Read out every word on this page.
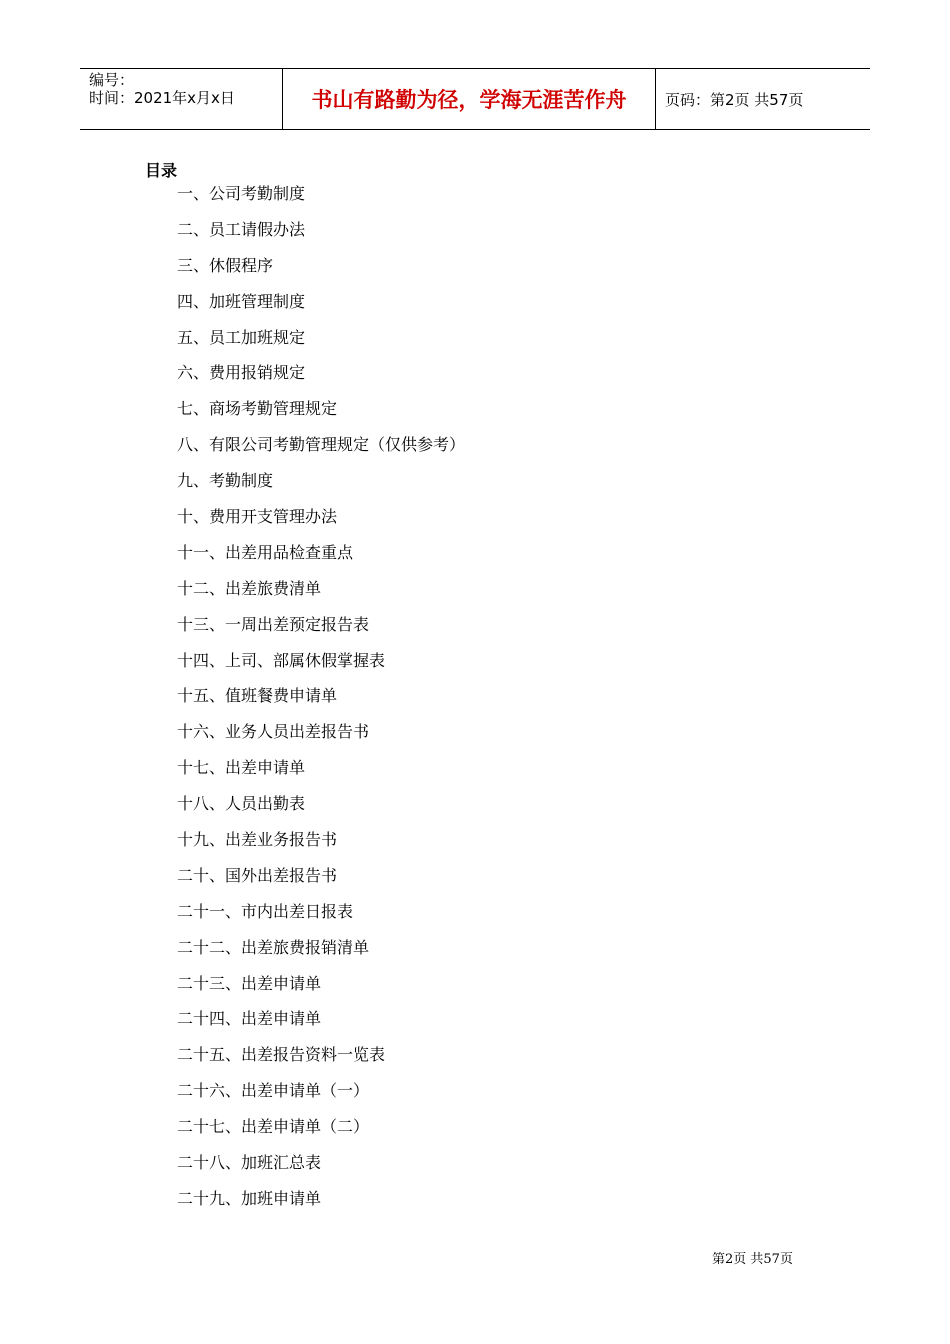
编号：
时间：2021年x月x日	书山有路勤为径，学海无涯苦作舟	页码：第2页 共57页
目录
一、公司考勤制度
二、员工请假办法
三、休假程序
四、加班管理制度
五、员工加班规定
六、费用报销规定
七、商场考勤管理规定
八、有限公司考勤管理规定（仅供参考）
九、考勤制度
十、费用开支管理办法
十一、出差用品检查重点
十二、出差旅费清单
十三、一周出差预定报告表
十四、上司、部属休假掌握表
十五、值班餐费申请单
十六、业务人员出差报告书
十七、出差申请单
十八、人员出勤表
十九、出差业务报告书
二十、国外出差报告书
二十一、市内出差日报表
二十二、出差旅费报销清单
二十三、出差申请单
二十四、出差申请单
二十五、出差报告资料一览表
二十六、出差申请单（一）
二十七、出差申请单（二）
二十八、加班汇总表
二十九、加班申请单
第2页 共57页
